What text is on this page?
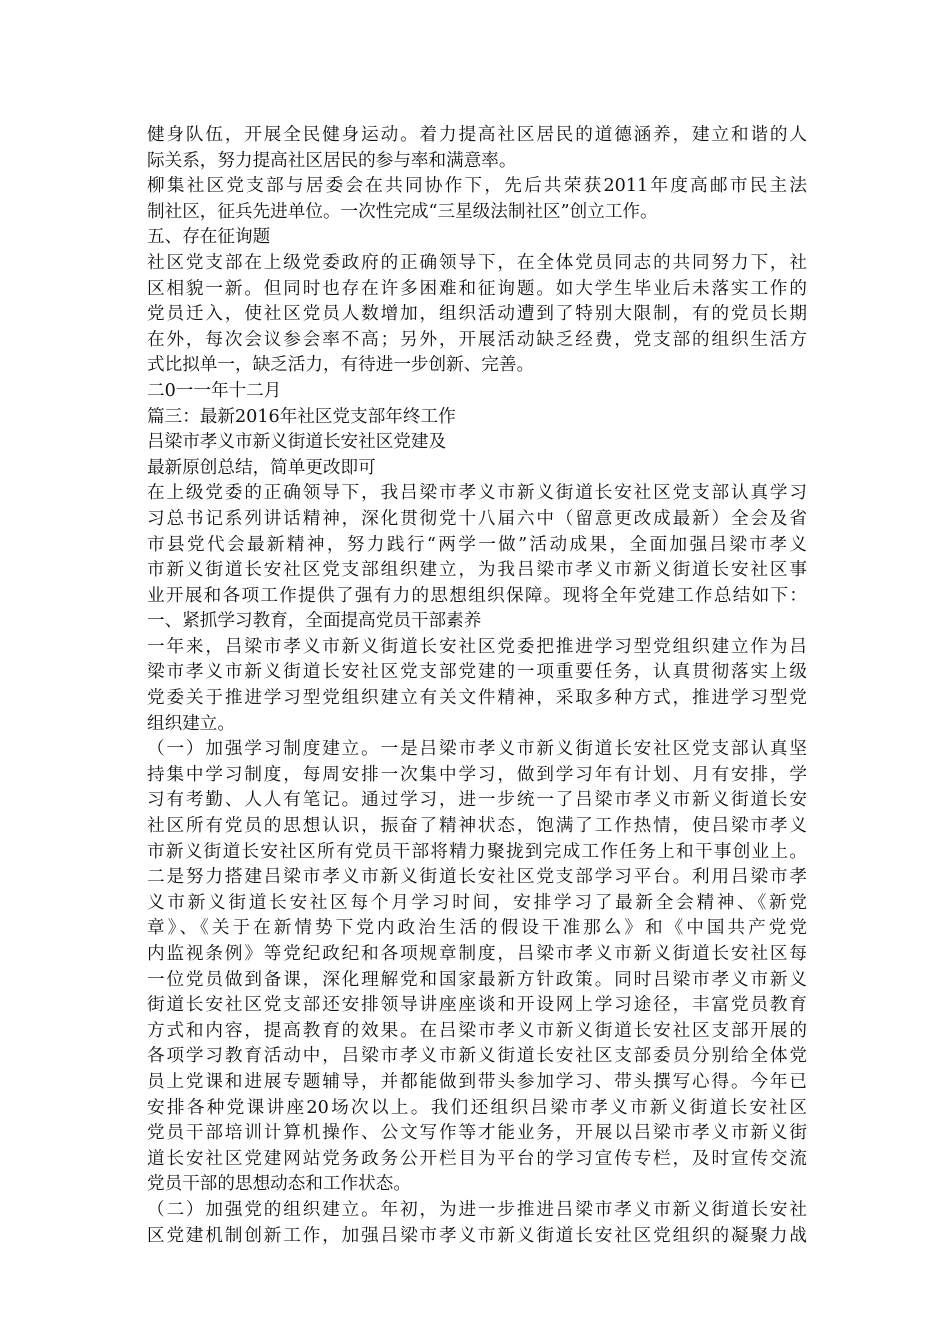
健身队伍，开展全民健身运动。着力提高社区居民的道德涵养，建立和谐的人
际关系，努力提高社区居民的参与率和满意率。
柳集社区党支部与居委会在共同协作下，先后共荣获2011年度高邮市民主法
制社区，征兵先进单位。一次性完成“三星级法制社区”创立工作。
五、存在征询题
社区党支部在上级党委政府的正确领导下，在全体党员同志的共同努力下，社
区相貌一新。但同时也存在许多困难和征询题。如大学生毕业后未落实工作的
党员迁入，使社区党员人数增加，组织活动遭到了特别大限制，有的党员长期
在外，每次会议参会率不高；另外，开展活动缺乏经费，党支部的组织生活方
式比拟单一，缺乏活力，有待进一步创新、完善。
二0一一年十二月
篇三：最新2016年社区党支部年终工作
吕梁市孝义市新义街道长安社区党建及
最新原创总结，简单更改即可
在上级党委的正确领导下，我吕梁市孝义市新义街道长安社区党支部认真学习
习总书记系列讲话精神，深化贯彻党十八届六中（留意更改成最新）全会及省
市县党代会最新精神，努力践行“两学一做”活动成果，全面加强吕梁市孝义
市新义街道长安社区党支部组织建立，为我吕梁市孝义市新义街道长安社区事
业开展和各项工作提供了强有力的思想组织保障。现将全年党建工作总结如下：
一、紧抓学习教育，全面提高党员干部素养
一年来，吕梁市孝义市新义街道长安社区党委把推进学习型党组织建立作为吕
梁市孝义市新义街道长安社区党支部党建的一项重要任务，认真贯彻落实上级
党委关于推进学习型党组织建立有关文件精神，采取多种方式，推进学习型党
组织建立。
（一）加强学习制度建立。一是吕梁市孝义市新义街道长安社区党支部认真坚
持集中学习制度，每周安排一次集中学习，做到学习年有计划、月有安排，学
习有考勤、人人有笔记。通过学习，进一步统一了吕梁市孝义市新义街道长安
社区所有党员的思想认识，振奋了精神状态，饱满了工作热情，使吕梁市孝义
市新义街道长安社区所有党员干部将精力聚拢到完成工作任务上和干事创业上。
二是努力搭建吕梁市孝义市新义街道长安社区党支部学习平台。利用吕梁市孝
义市新义街道长安社区每个月学习时间，安排学习了最新全会精神、《新党
章》、《关于在新情势下党内政治生活的假设干准那么》和《中国共产党党
内监视条例》等党纪政纪和各项规章制度，吕梁市孝义市新义街道长安社区每
一位党员做到备课，深化理解党和国家最新方针政策。同时吕梁市孝义市新义
街道长安社区党支部还安排领导讲座座谈和开设网上学习途径，丰富党员教育
方式和内容，提高教育的效果。在吕梁市孝义市新义街道长安社区支部开展的
各项学习教育活动中，吕梁市孝义市新义街道长安社区支部委员分别给全体党
员上党课和进展专题辅导，并都能做到带头参加学习、带头撰写心得。今年已
安排各种党课讲座20场次以上。我们还组织吕梁市孝义市新义街道长安社区
党员干部培训计算机操作、公文写作等才能业务，开展以吕梁市孝义市新义街
道长安社区党建网站党务政务公开栏目为平台的学习宣传专栏，及时宣传交流
党员干部的思想动态和工作状态。
（二）加强党的组织建立。年初，为进一步推进吕梁市孝义市新义街道长安社
区党建机制创新工作，加强吕梁市孝义市新义街道长安社区党组织的凝聚力战
